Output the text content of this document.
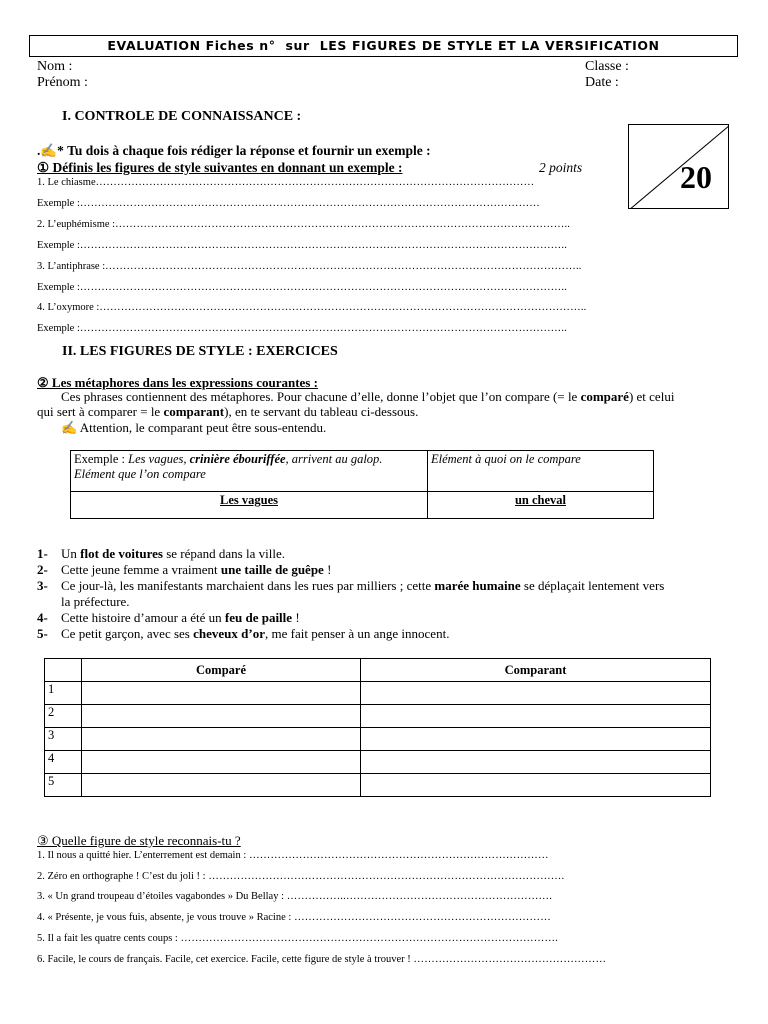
EVALUATION Fiches n°  sur  LES FIGURES DE STYLE ET LA VERSIFICATION
Nom :
Prénom :
Classe :
Date :
I. CONTROLE DE CONNAISSANCE :
20
.✍* Tu dois à chaque fois rédiger la réponse et fournir un exemple :
① Définis les figures de style suivantes en donnant un exemple :	2 points
1. Le chiasme……………………………………………………………………………………………………………
Exemple :…………………………………………………………………………………………………………………
2. L’euphémisme :………………………………………………………………………………………………………………..
Exemple :………………………………………………………………………………………………………………………..
3. L’antiphrase :……………………………………………………………………………………………………………………..
Exemple :………………………………………………………………………………………………………………………..
4. L’oxymore :………………………………………………………………………………………………………………………..
Exemple :………………………………………………………………………………………………………………………..
II. LES FIGURES DE STYLE : EXERCICES
② Les métaphores dans les expressions courantes :
Ces phrases contiennent des métaphores. Pour chacune d’elle, donne l’objet que l’on compare (= le comparé) et celui
qui sert à comparer = le comparant), en te servant du tableau ci-dessous.
✍ Attention, le comparant peut être sous-entendu.
Exemple : Les vagues, crinière ébouriffée, arrivent au galop.
Elément que l’on compare	Elément à quoi on le compare
Les vagues	un cheval
1-	Un flot de voitures se répand dans la ville.
2-	Cette jeune femme a vraiment une taille de guêpe !
3-	Ce jour-là, les manifestants marchaient dans les rues par milliers ; cette marée humaine se déplaçait lentement vers
la préfecture.
4-	Cette histoire d’amour a été un feu de paille !
5-	Ce petit garçon, avec ses cheveux d’or, me fait penser à un ange innocent.
	Comparé	Comparant
1		
2		
3		
4		
5		
③ Quelle figure de style reconnais-tu ?
1. Il nous a quitté hier. L’enterrement est demain : …………………………………………………………………………
2. Zéro en orthographe ! C’est du joli ! : ……………………………………………………………………………………….
3. « Un grand troupeau d’étoiles vagabondes » Du Bellay : ……………..………………………………………………….
4. « Présente, je vous fuis, absente, je vous trouve » Racine : ………………………………………………………………
5. Il a fait les quatre cents coups : …………………………………………………………………………………………….
6. Facile, le cours de français. Facile, cet exercice. Facile, cette figure de style à trouver ! ………………………………………………
